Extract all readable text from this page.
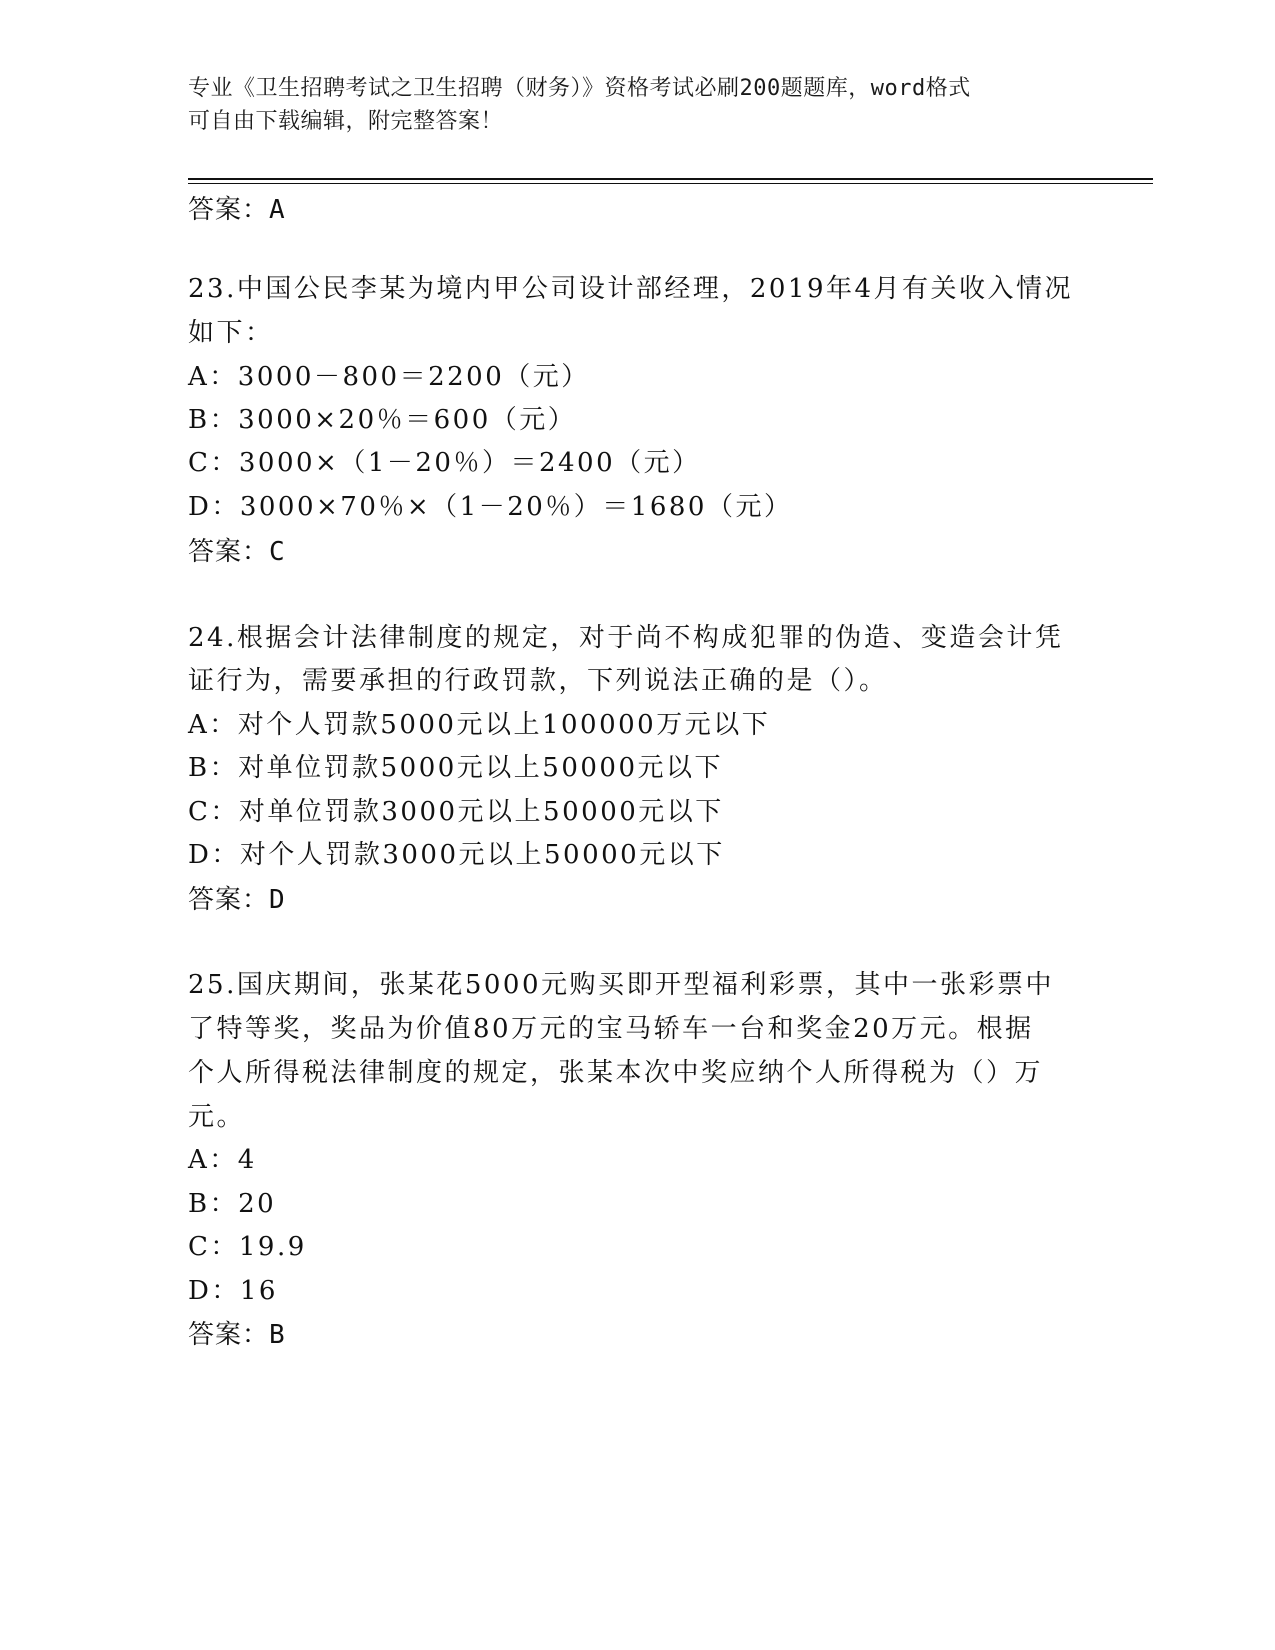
专业《卫生招聘考试之卫生招聘（财务）》资格考试必刷200题题库，word格式
可自由下载编辑，附完整答案！
答案：A
23.中国公民李某为境内甲公司设计部经理，2019年4月有关收入情况
如下：
A：3000－800＝2200（元）
B：3000×20％＝600（元）
C：3000×（1－20％）＝2400（元）
D：3000×70％×（1－20％）＝1680（元）
答案：C
24.根据会计法律制度的规定，对于尚不构成犯罪的伪造、变造会计凭
证行为，需要承担的行政罚款，下列说法正确的是（）。
A：对个人罚款5000元以上100000万元以下
B：对单位罚款5000元以上50000元以下
C：对单位罚款3000元以上50000元以下
D：对个人罚款3000元以上50000元以下
答案：D
25.国庆期间，张某花5000元购买即开型福利彩票，其中一张彩票中
了特等奖，奖品为价值80万元的宝马轿车一台和奖金20万元。根据
个人所得税法律制度的规定，张某本次中奖应纳个人所得税为（）万
元。
A：4
B：20
C：19.9
D：16
答案：B
